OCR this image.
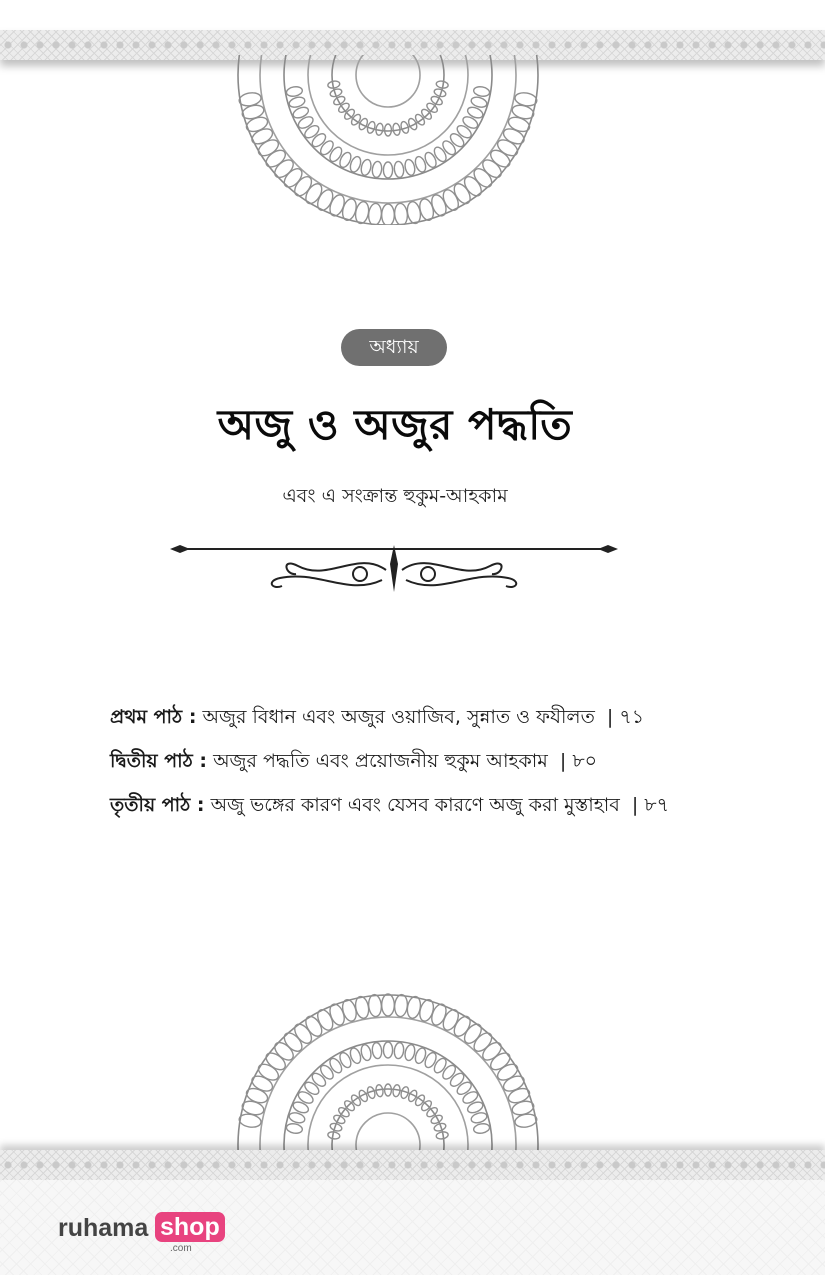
অধ্যায়
অজু ও অজুর পদ্ধতি
এবং এ সংক্রান্ত হুকুম-আহকাম
প্রথম পাঠ : অজুর বিধান এবং অজুর ওয়াজিব, সুন্নাত ও ফযীলত | ৭১
দ্বিতীয় পাঠ : অজুর পদ্ধতি এবং প্রয়োজনীয় হুকুম আহকাম | ৮০
তৃতীয় পাঠ : অজু ভঙ্গের কারণ এবং যেসব কারণে অজু করা মুস্তাহাব | ৮৭
ruhama shop
.com
